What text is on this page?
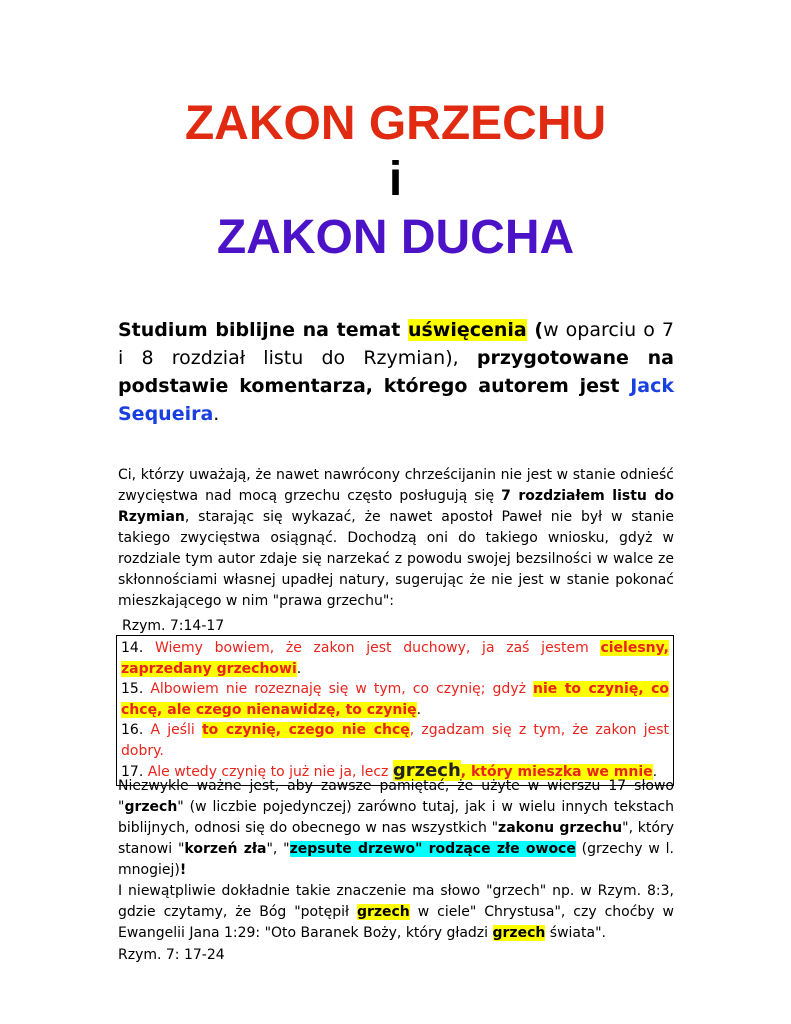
ZAKON GRZECHU
i
ZAKON DUCHA
Studium biblijne na temat uświęcenia (w oparciu o 7 i 8 rozdział listu do Rzymian), przygotowane na podstawie komentarza, którego autorem jest Jack Sequeira.

Ci, którzy uważają, że nawet nawrócony chrześcijanin nie jest w stanie odnieść zwycięstwa nad mocą grzechu często posługują się 7 rozdziałem listu do Rzymian, starając się wykazać, że nawet apostoł Paweł nie był w stanie takiego zwycięstwa osiągnąć. Dochodzą oni do takiego wniosku, gdyż w rozdziale tym autor zdaje się narzekać z powodu swojej bezsilności w walce ze skłonnościami własnej upadłej natury, sugerując że nie jest w stanie pokonać mieszkającego w nim "prawa grzechu":

Rzym. 7:14-17

14. Wiemy bowiem, że zakon jest duchowy, ja zaś jestem cielesny, zaprzedany grzechowi.

15. Albowiem nie rozeznaję się w tym, co czynię; gdyż nie to czynię, co chcę, ale czego nienawidzę, to czynię.

16. A jeśli to czynię, czego nie chcę, zgadzam się z tym, że zakon jest dobry.

17. Ale wtedy czynię to już nie ja, lecz grzech, który mieszka we mnie.

Niezwykle ważne jest, aby zawsze pamiętać, że użyte w wierszu 17 słowo "grzech" (w liczbie pojedynczej) zarówno tutaj, jak i w wielu innych tekstach biblijnych, odnosi się do obecnego w nas wszystkich "zakonu grzechu", który stanowi "korzeń zła", "zepsute drzewo" rodzące złe owoce (grzechy w l. mnogiej)!
I niewątpliwie dokładnie takie znaczenie ma słowo "grzech" np. w Rzym. 8:3, gdzie czytamy, że Bóg "potępił grzech w ciele" Chrystusa", czy choćby w Ewangelii Jana 1:29: "Oto Baranek Boży, który gładzi grzech świata".

Rzym. 7: 17-24
